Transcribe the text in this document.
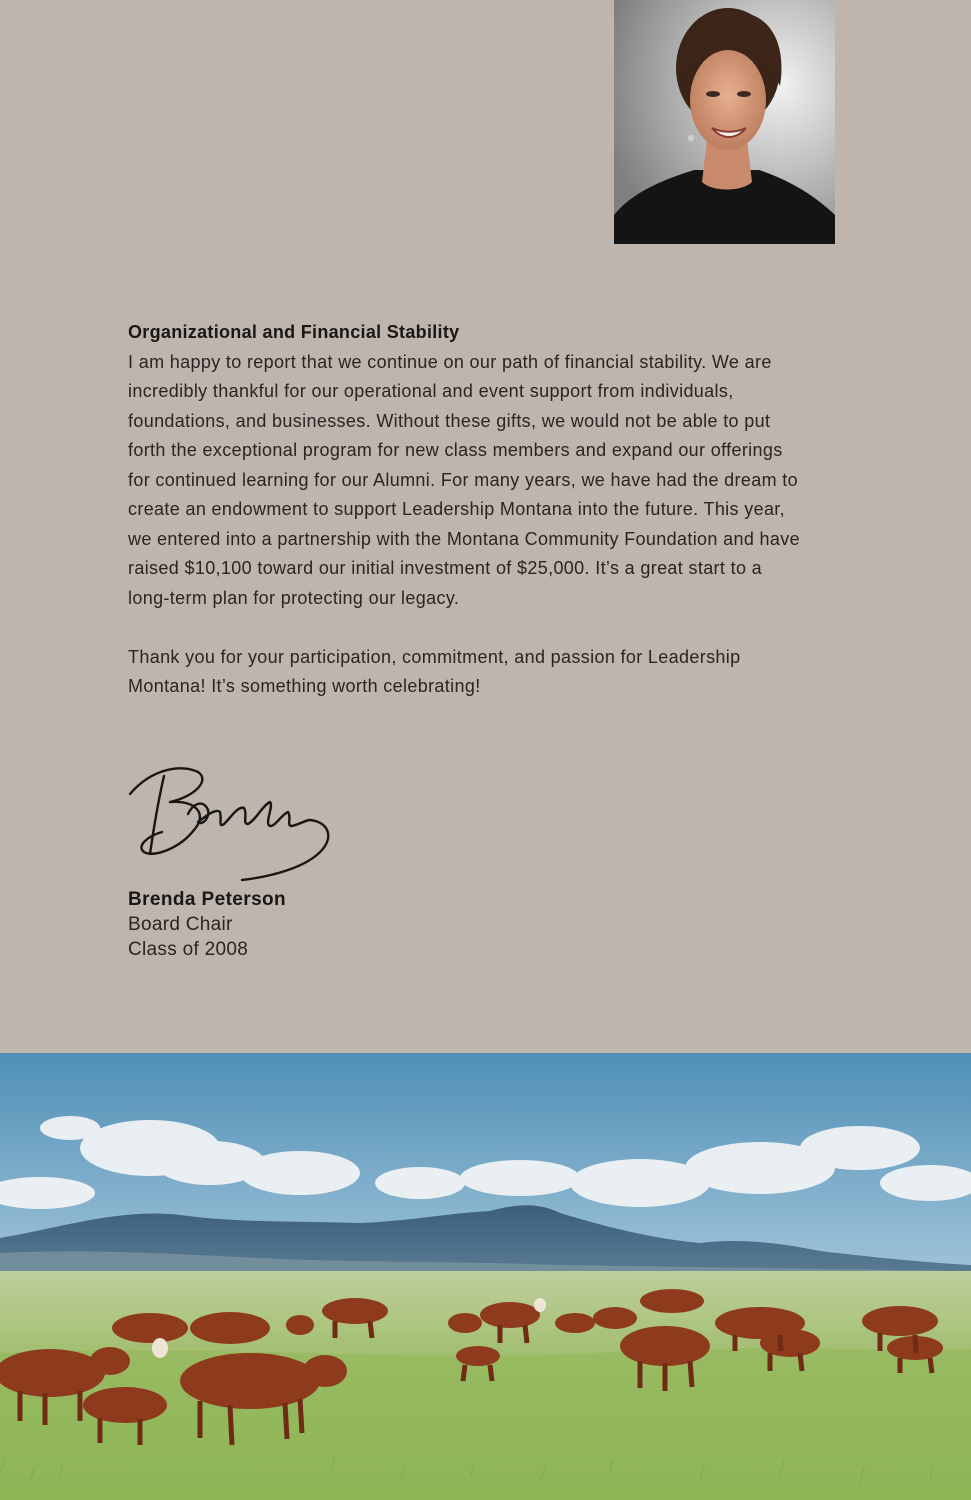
Organizational and Financial Stability

I am happy to report that we continue on our path of financial stability. We are incredibly thankful for our operational and event support from individuals, foundations, and businesses. Without these gifts, we would not be able to put forth the exceptional program for new class members and expand our offerings for continued learning for our Alumni. For many years, we have had the dream to create an endowment to support Leadership Montana into the future. This year, we entered into a partnership with the Montana Community Foundation and have raised $10,100 toward our initial investment of $25,000. It’s a great start to a long-term plan for protecting our legacy.

Thank you for your participation, commitment, and passion for Leadership Montana! It’s something worth celebrating!

Brenda Peterson
Board Chair
Class of 2008
